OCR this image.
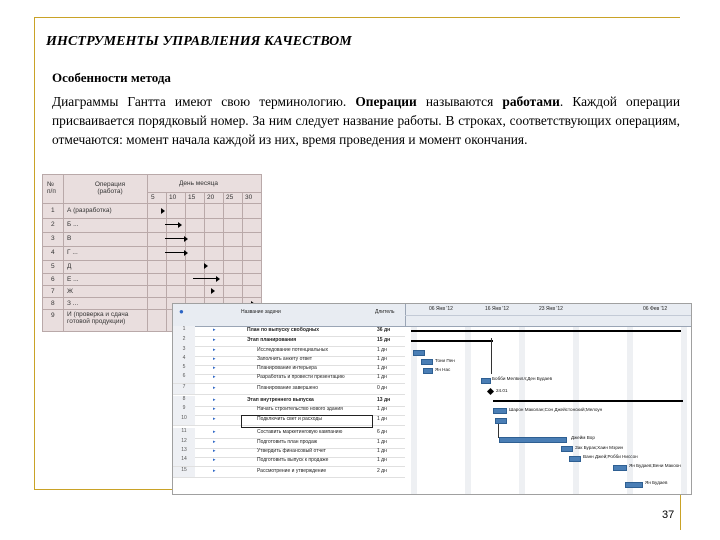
ИНСТРУМЕНТЫ УПРАВЛЕНИЯ КАЧЕСТВОМ
Особенности метода
Диаграммы Гантта имеют свою терминологию. Операции называются работами. Каждой операции присваивается порядковый номер. За ним следует название работы. В строках, соответствующих операциям, отмечаются: момент начала каждой из них, время проведения и момент окончания.
№ п/п
Операция (работа)
День месяца
5 10 15 20 25 30
1 А (разработка)
2 Б ...
3 В
4 Г ...
5 Д
6 Е ...
7 Ж
8 З ...
9 И (проверка и сдача готовой продукции)
●	Название задачи	Длитель	06 Янв '12	16 Янв '12	23 Янв '12	06 Фев '12
1	▸	План по выпуску свободных	36 дн
2	▸	Этап планирования	15 дн
3	▸	Исследование потенциальных	1 дн
4	▸	Заполнить анкету ответ	1 дн
5	▸	Планирование интерьера	1 дн
6	▸	Разработать и провести презентацию	1 дн
7	▸	Планирование завершено	0 дн
8	▸	Этап внутреннего выпуска	13 дн
9	▸	Начать строительство нового здания	1 дн
10	▸	Подключить свет и расходы	1 дн
11	▸	Составить маркетинговую кампанию	6 дн
12	▸	Подготовить план продаж	1 дн
13	▸	Утвердить финансовый отчет	1 дн
14	▸	Подготовить выпуск к продаже	1 дн
15	▸	Рассмотрение и утверждение	2 дн
Тони Пен
Ян Нас
Бобби Мелвилл;Ден Будаев
24.01
Шарон Маколан;Сон Джейстонский;Мелоун
Джейм Вор
Зак Бурак;Хаин Мэрин
Ванн Джей;Робби Ниссон
Ян Будаев;Вени Макоон
Ян Будаев
37
